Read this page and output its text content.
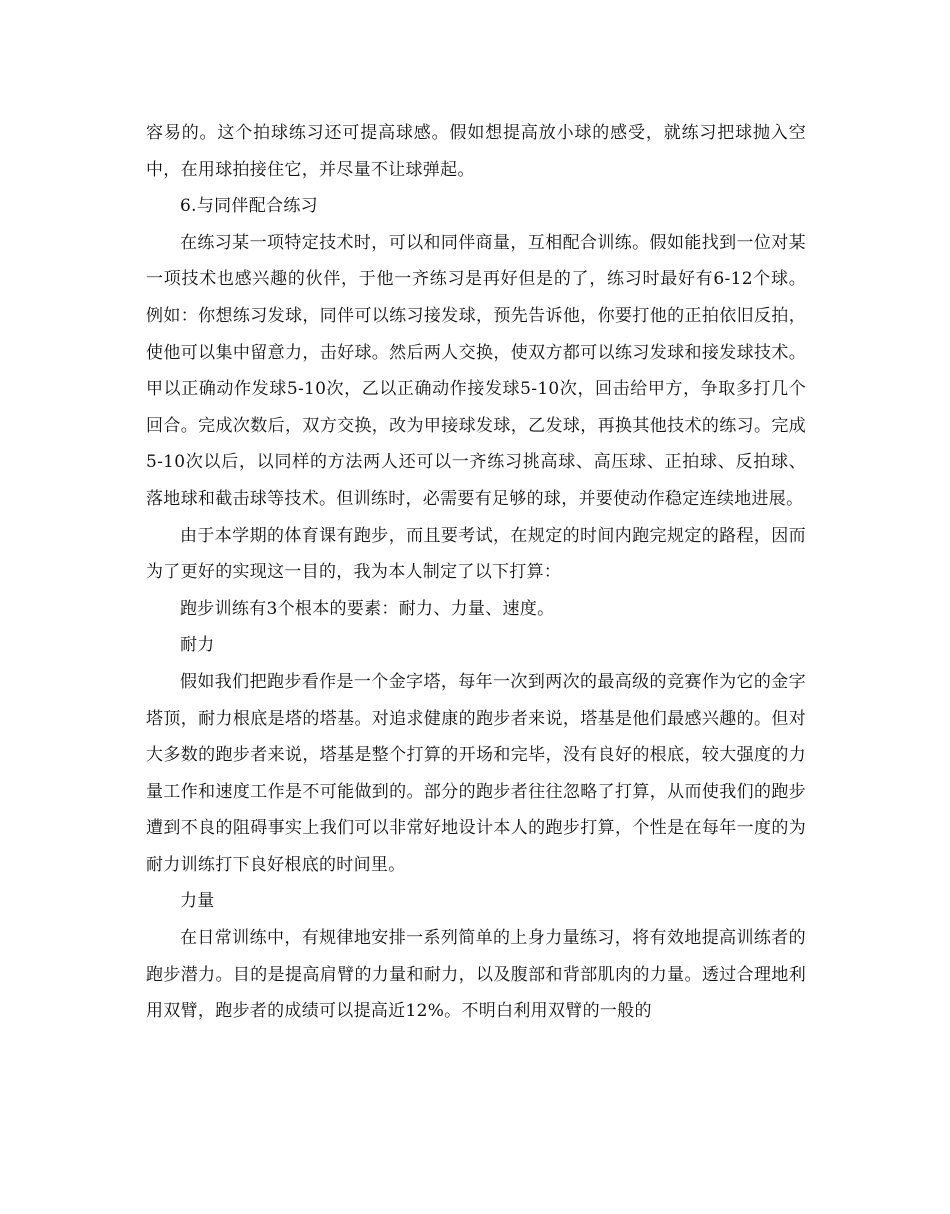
容易的。这个拍球练习还可提高球感。假如想提高放小球的感受，就练习把球抛入空中，在用球拍接住它，并尽量不让球弹起。

6.与同伴配合练习

在练习某一项特定技术时，可以和同伴商量，互相配合训练。假如能找到一位对某一项技术也感兴趣的伙伴，于他一齐练习是再好但是的了，练习时最好有6-12个球。例如：你想练习发球，同伴可以练习接发球，预先告诉他，你要打他的正拍依旧反拍，使他可以集中留意力，击好球。然后两人交换，使双方都可以练习发球和接发球技术。甲以正确动作发球5-10次，乙以正确动作接发球5-10次，回击给甲方，争取多打几个回合。完成次数后，双方交换，改为甲接球发球，乙发球，再换其他技术的练习。完成5-10次以后，以同样的方法两人还可以一齐练习挑高球、高压球、正拍球、反拍球、落地球和截击球等技术。但训练时，必需要有足够的球，并要使动作稳定连续地进展。

由于本学期的体育课有跑步，而且要考试，在规定的时间内跑完规定的路程，因而为了更好的实现这一目的，我为本人制定了以下打算：

跑步训练有3个根本的要素：耐力、力量、速度。

耐力

假如我们把跑步看作是一个金字塔，每年一次到两次的最高级的竞赛作为它的金字塔顶，耐力根底是塔的塔基。对追求健康的跑步者来说，塔基是他们最感兴趣的。但对大多数的跑步者来说，塔基是整个打算的开场和完毕，没有良好的根底，较大强度的力量工作和速度工作是不可能做到的。部分的跑步者往往忽略了打算，从而使我们的跑步遭到不良的阻碍事实上我们可以非常好地设计本人的跑步打算，个性是在每年一度的为耐力训练打下良好根底的时间里。

力量

在日常训练中，有规律地安排一系列简单的上身力量练习，将有效地提高训练者的跑步潜力。目的是提高肩臂的力量和耐力，以及腹部和背部肌肉的力量。透过合理地利用双臂，跑步者的成绩可以提高近12%。不明白利用双臂的一般的
